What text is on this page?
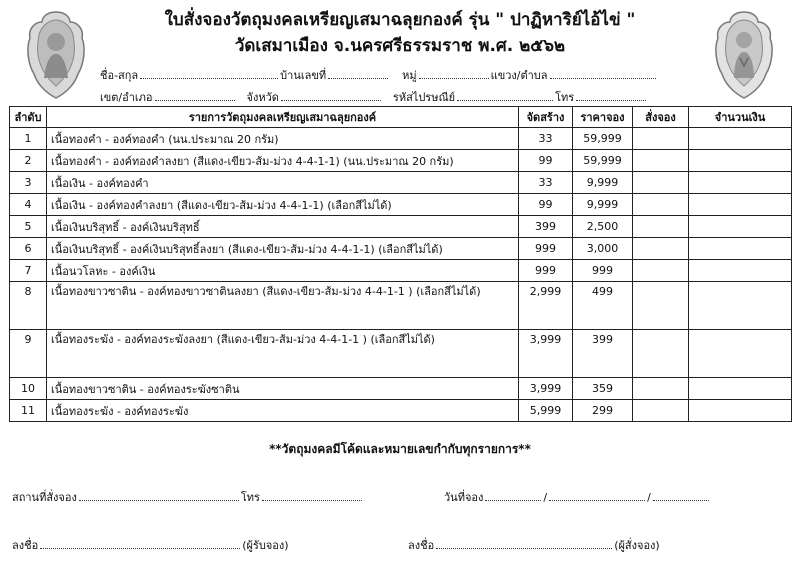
ใบสั่งจองวัตถุมงคลเหรียญเสมาฉลุยกองค์ รุ่น " ปาฏิหาริย์ไอ้ไข่ "
วัดเสมาเมือง จ.นครศรีธรรมราช พ.ศ. ๒๕๖๒
ชื่อ-สกุล	บ้านเลขที่	หมู่	แขวง/ตำบล
เขต/อำเภอ	จังหวัด	รหัสไปรษณีย์	โทร
ลำดับ	รายการวัตถุมงคลเหรียญเสมาฉลุยกองค์	จัดสร้าง	ราคาจอง	สั่งจอง	จำนวนเงิน
1	เนื้อทองคำ - องค์ทองคำ (นน.ประมาณ 20 กรัม)	33	59,999		
2	เนื้อทองคำ - องค์ทองคำลงยา (สีแดง-เขียว-ส้ม-ม่วง 4-4-1-1) (นน.ประมาณ 20 กรัม)	99	59,999		
3	เนื้อเงิน - องค์ทองคำ	33	9,999		
4	เนื้อเงิน - องค์ทองคำลงยา (สีแดง-เขียว-ส้ม-ม่วง 4-4-1-1) (เลือกสีไม่ได้)	99	9,999		
5	เนื้อเงินบริสุทธิ์ - องค์เงินบริสุทธิ์	399	2,500		
6	เนื้อเงินบริสุทธิ์ - องค์เงินบริสุทธิ์ลงยา (สีแดง-เขียว-ส้ม-ม่วง 4-4-1-1) (เลือกสีไม่ได้)	999	3,000		
7	เนื้อนวโลหะ - องค์เงิน	999	999		
8	เนื้อทองขาวซาติน - องค์ทองขาวซาตินลงยา (สีแดง-เขียว-ส้ม-ม่วง 4-4-1-1 ) (เลือกสีไม่ได้)	2,999	499		
9	เนื้อทองระฆัง - องค์ทองระฆังลงยา (สีแดง-เขียว-ส้ม-ม่วง 4-4-1-1 ) (เลือกสีไม่ได้)	3,999	399		
10	เนื้อทองขาวซาติน - องค์ทองระฆังซาติน	3,999	359		
11	เนื้อทองระฆัง - องค์ทองระฆัง	5,999	299		
**วัตถุมงคลมีโค้ดและหมายเลขกำกับทุกรายการ**
สถานที่สั่งจอง	โทร	วันที่จอง	/	/
ลงชื่อ	(ผู้รับจอง)	ลงชื่อ	(ผู้สั่งจอง)
